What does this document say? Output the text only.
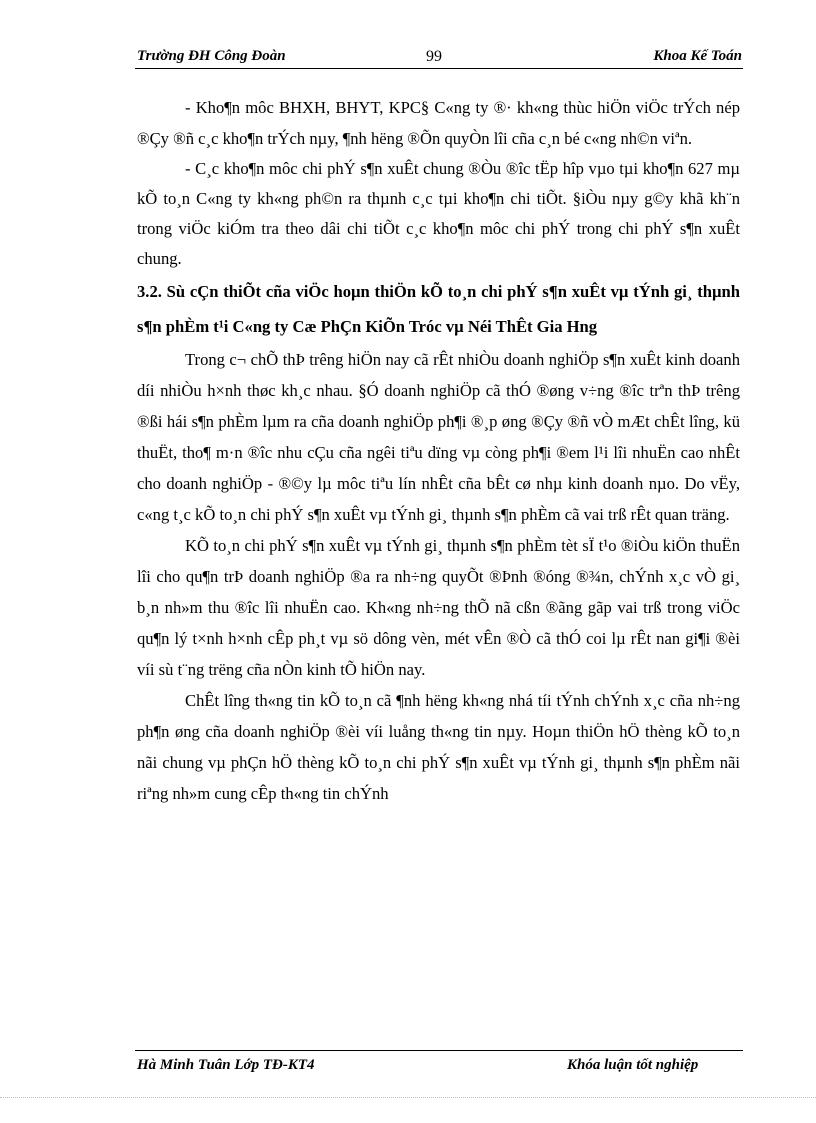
Trường ĐH Công Đoàn	99	Khoa Kế Toán

- Kho¶n môc BHXH, BHYT, KPC§ C«ng ty ®· kh«ng thùc hiÖn viÖc trÝch nép ®Çy ®ñ c¸c kho¶n trÝch nµy, ¶nh hëng ®Õn quyÒn lîi cña c¸n bé c«ng nh©n viªn.

- C¸c kho¶n môc chi phÝ s¶n xuÊt chung ®Òu ®îc tËp hîp vµo tµi kho¶n 627 mµ kÕ to¸n C«ng ty kh«ng ph©n ra thµnh c¸c tµi kho¶n chi tiÕt. §iÒu nµy g©y khã kh¨n trong viÖc kiÓm tra theo dâi chi tiÕt c¸c kho¶n môc chi phÝ trong chi phÝ s¶n xuÊt chung.

3.2. Sù cÇn thiÕt cña viÖc hoµn thiÖn kÕ to¸n chi phÝ s¶n xuÊt vµ tÝnh gi¸ thµnh s¶n phÈm t¹i C«ng ty Cæ PhÇn KiÕn Tróc vµ Néi ThÊt Gia Hng

Trong c¬ chÕ thÞ trêng hiÖn nay cã rÊt nhiÒu doanh nghiÖp s¶n xuÊt kinh doanh díi nhiÒu h×nh thøc kh¸c nhau. §Ó doanh nghiÖp cã thÓ ®øng v÷ng ®îc trªn thÞ trêng ®ßi hái s¶n phÈm lµm ra cña doanh nghiÖp ph¶i ®¸p øng ®Çy ®ñ vÒ mÆt chÊt lîng, kü thuËt, tho¶ m·n ®îc nhu cÇu cña ngêi tiªu dïng vµ còng ph¶i ®em l¹i lîi nhuËn cao nhÊt cho doanh nghiÖp - ®©y lµ môc tiªu lín nhÊt cña bÊt cø nhµ kinh doanh nµo. Do vËy, c«ng t¸c kÕ to¸n chi phÝ s¶n xuÊt vµ tÝnh gi¸ thµnh s¶n phÈm cã vai trß rÊt quan träng.

KÕ to¸n chi phÝ s¶n xuÊt vµ tÝnh gi¸ thµnh s¶n phÈm tèt sÏ t¹o ®iÒu kiÖn thuËn lîi cho qu¶n trÞ doanh nghiÖp ®a ra nh÷ng quyÕt ®Þnh ®óng ®¾n, chÝnh x¸c vÒ gi¸ b¸n nh»m thu ®îc lîi nhuËn cao. Kh«ng nh÷ng thÕ nã cßn ®ãng gãp vai trß trong viÖc qu¶n lý t×nh h×nh cÊp ph¸t vµ sö dông vèn, mét vÊn ®Ò cã thÓ coi lµ rÊt nan gi¶i ®èi víi sù t¨ng trëng cña nÒn kinh tÕ hiÖn nay.

ChÊt lîng th«ng tin kÕ to¸n cã ¶nh hëng kh«ng nhá tíi tÝnh chÝnh x¸c cña nh÷ng ph¶n øng cña doanh nghiÖp ®èi víi luång th«ng tin nµy. Hoµn thiÖn hÖ thèng kÕ to¸n nãi chung vµ phÇn hÖ thèng kÕ to¸n chi phÝ s¶n xuÊt vµ tÝnh gi¸ thµnh s¶n phÈm nãi riªng nh»m cung cÊp th«ng tin chÝnh

Hà Minh Tuân Lớp TĐ-KT4	Khóa luận tốt nghiệp
